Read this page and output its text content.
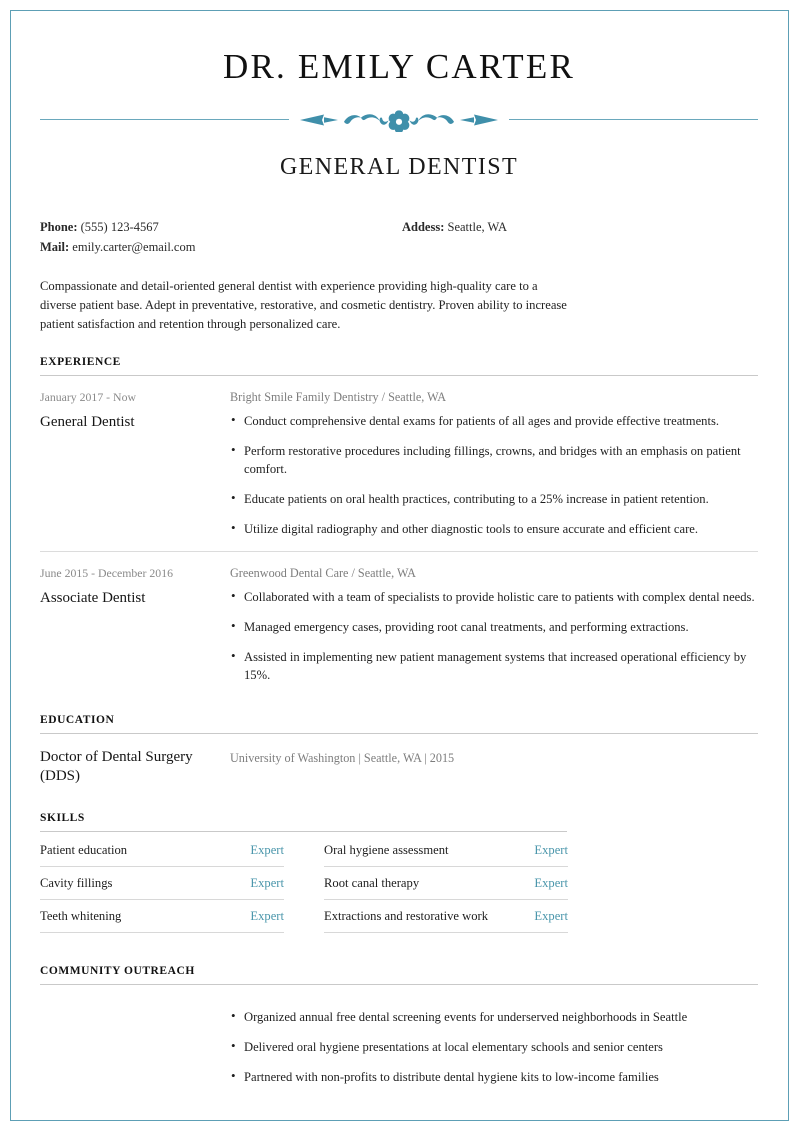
DR. EMILY CARTER
GENERAL DENTIST
Phone: (555) 123-4567
Mail: emily.carter@email.com
Addess: Seattle, WA

Compassionate and detail-oriented general dentist with experience providing high-quality care to a diverse patient base. Adept in preventative, restorative, and cosmetic dentistry. Proven ability to increase patient satisfaction and retention through personalized care.

EXPERIENCE
January 2017 - Now
General Dentist
Bright Smile Family Dentistry / Seattle, WA
• Conduct comprehensive dental exams for patients of all ages and provide effective treatments.
• Perform restorative procedures including fillings, crowns, and bridges with an emphasis on patient comfort.
• Educate patients on oral health practices, contributing to a 25% increase in patient retention.
• Utilize digital radiography and other diagnostic tools to ensure accurate and efficient care.
June 2015 - December 2016
Associate Dentist
Greenwood Dental Care / Seattle, WA
• Collaborated with a team of specialists to provide holistic care to patients with complex dental needs.
• Managed emergency cases, providing root canal treatments, and performing extractions.
• Assisted in implementing new patient management systems that increased operational efficiency by 15%.
EDUCATION
Doctor of Dental Surgery (DDS)
University of Washington | Seattle, WA | 2015
SKILLS
Patient education	Expert
Cavity fillings	Expert
Teeth whitening	Expert
Oral hygiene assessment	Expert
Root canal therapy	Expert
Extractions and restorative work	Expert
COMMUNITY OUTREACH
• Organized annual free dental screening events for underserved neighborhoods in Seattle
• Delivered oral hygiene presentations at local elementary schools and senior centers
• Partnered with non-profits to distribute dental hygiene kits to low-income families
